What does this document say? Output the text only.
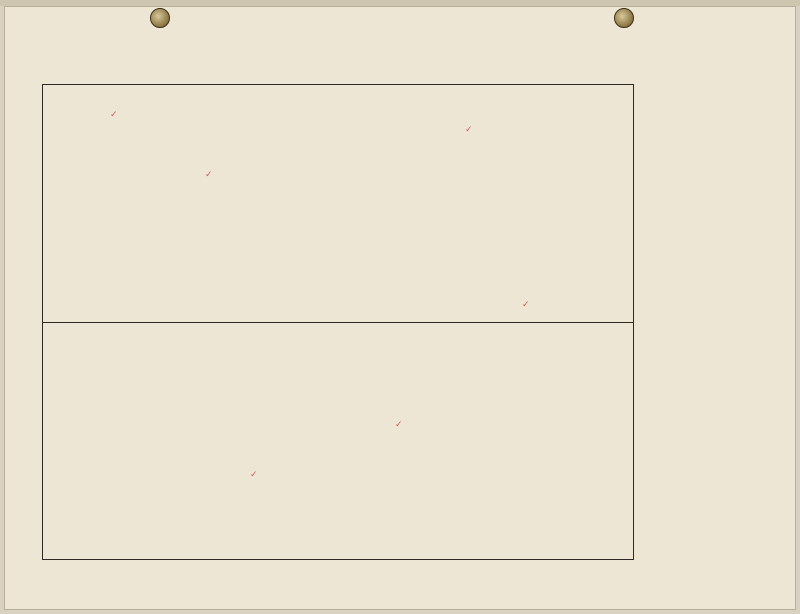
✓
✓
✓
✓
✓
✓
